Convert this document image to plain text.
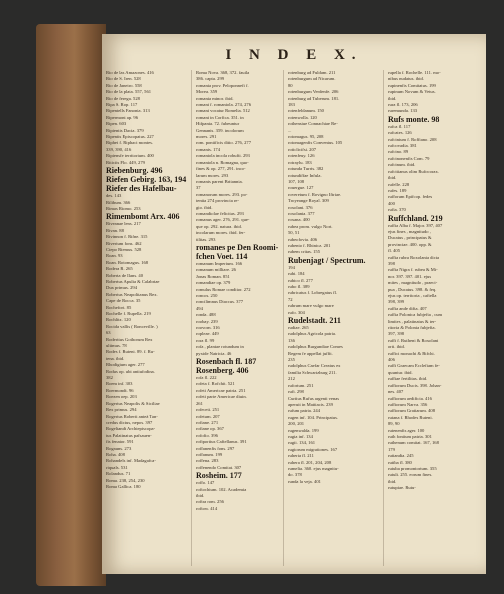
I N D E X.
Rio de las Amazones. 416
Rio de S. Iren. 528
Rio de Janeiro. 558
Rio de la plata. 557, 561
Rio de ferega. 528
Ripa S. Rop. 117
Ripentells Fanonia. 313
Ripermont ap. 96
Ripen. 603
Ripientis Dacia. 379
Ripentis Episcopatus. 227
Riphei f. Riphaci montes.
339, 390, 416
Ripiensfe territorium. 400
Riticiis Flo. 449, 279
Riebenburg. 496
Riefen Gebirg. 163, 194
Riefer des Hafelbau-
des. 143
Rilibum. 366
Rimas Riomo. 253
Rimembomt Arx. 406
Riveanae lens. 217
Rivan. 88
Rivinnon f. Rifne. 315
Riverium fons. 462
Ciepo Riemus. 528
Roan. 93
Roan. Rotomagus. 168
Rodera R. 265
Roberta de Ilans. 40
Robertus Apulia & Calabriae
Dux primus. 294
Roberius Neapolitanus Rex.
Cape de Rocca. 35
Rochefort. 85
Rochelle f. Rupella. 219
Rochlitz. 120
Rocida vallis ( Ronceville. )
63
Roderitus Gothorum Rex
ultimus. 78
Rodes f. Ruteni. 89. f. Ru-
tena. ibid.
Rhodigium ager. 277
Rodus op. ubi antiufodina.
382
Roem inf. 303
Roermondt. 96
Roezen oep. 203
Rogerius Neapolis & Siciliae
Rex primus. 294
Rogerius Roberti anteà Tan-
credus dictus, nepos. 397
Rogeltandt Archiepiscopa-
tus Palatinatus pafsauen-
fis fenator. 591
Rogauns. 273
Roha. 408
Rohandels inf. Madagafca-
riquals. 531
Rolandus. 71
Roma. 238, 254, 230
Roma Gallica. 180
Roma Nova. 368, 372. fauila
386. capta. 299
romania prov. Peloponnefi f.
Morea. 359
romania minor. ibid.
romani f. romaniola. 274, 276
romani vocatur Romelia. 512
romani in Corfica. 351. in
Hifpania. 72. fubeuntur
Gennanis. 359. incolorum
mores. 291
rom. pontificis ditio. 276, 277
romanis. 174
romaniola incola robufti. 293
romaniola n. Romagna, quo-
fines & op. 277, 291. inco-
larum mores. 293
romanis parent Britannia.
37
romanorum mores. 293. po-
tentia 274 provincia re-
gio. ibid.
romandiolae felicitas. 293
romanus ager. 276, 291. que-
que op. 292. natura. ibid.
incolarum mores. ibid. fer-
tilitas. 293
romanes pe Den Roomi-
fchen Voet. 114
romanum Imperium. 166
romanum milliare. 26
Jonas Roman. 851
romandiae op. 379
romulus Romae conditor. 272
roncos. 250
roncilimnus Diaccus. 377
494
ronda. 488
roobay. 239
roovorn. 316
ropleae. 449
rora fl. 99
rofa , plantae rotundum in
pyxide Natricia. 46
Rosenbach fl. 187
Rosenberg. 406
rofa fl. 222
rofeta f. Rofchit. 521
rofeti Americae patria. 251
rofeti parte Americae diuin.
261
rofeceti. 251
rofetum. 207
rofiane. 271
rofiane op. 367
rofofio. 396
rofiportius Caftellanus. 391
roffanenfis fons. 297
roffanum. 199
roffena. 283
roffenendo Comitat. 307
Rosheim. 177
roffo. 147
roftochium. 102. Academia
ibid.
roftra rom. 256
roftow. 414
rotenburg ad Fuldam. 211
rotenburgum ad Nicarum.
80
rotenburgum Verdenfe. 206
rotenburg ad Tuberum. 181.
183
rotenfeldanum. 150
rotenwolla. 120
rothensiue Connachiae Re-
...
rotomagus. 95, 208
rotomagenfis Conventus. 105
roticlicifsi. 207
rotenfeuy. 126
rotraylu. 183
rotunda Turris. 382
rotundiffae Infula.
107, 108
rouergue. 127
roveretum f. Rovigno Iftriae.
Troyeange Royal. 309
roxolani. 376
roxolania. 377
roxana. 400
rubea prom. vulgo Nort.
50, 51
rubeofovia. 406
rubento f. Rhinicz. 201
rubem critas. 155
Rubenjagt / Spectrum.
194
rubi. 184
rubico fl. 277
rubo fl. 389
rubricatus f. Lobregatus fl.
72
rubrum mare vulgo mare
rufo. 304
Rudelstadt. 211
rudiae. 265
rudolphus Agricola patria.
136
rudolphus Burgundiae Comes
Regem fe appellat juffit.
235
rudolphus Caefar Creatus ex
familia Schwartzburg 211.
212
rufortum. 251
rufi. 298
Curtius Rufus argenti venas
aperuit in Mattiacis. 239
rufum patria. 244
rugen inf. 104. Principatus.
200, 201
rugenwalda. 199
rugia inf. 134
rugii. 134, 161
rugiorum migrationes. 167
ruheria fl. 211
ruhera fl. 201, 204, 208
rumelia. 360. ejus magnitu-
do. 378
runda la veja. 401
rupella f. Rochelle. 111. mo-
nibus nudatus. ibid.
rupinenfis Comitatus. 199
rupinum Novum & Vetus.
ibid.
rura fl. 173, 206
ruremunda. 133
Rufs monte. 98
rufca fl. 117
rufcates. 126
rufcinium f. Roffiano. 208
rufcovadia. 381
rufcino. 89
rufcinonenfis Com. 79
rufcinum. ibid.
rufcitianus olim Rufocorax.
ibid.
rufelle. 228
rufes. 189
rufforum Epifcop. fedes
400
rufia. 370
Ruffchland. 219
ruffia Alba f. Major. 397, 407
ejus fines , magnitudo ,
Ducatus , principatus &
provinciae. 400. opp. &
fl. 405
ruffia rubra Roxolania dicta
398
ruffia Nigra f. rubea & Mi-
nor. 397. 397. 401. ejus
mites , magnitudo , praeci-
pua , Ducatus. 398. & feq.
ejus op. territoria , caftella
398, 399
ruffia ande difta. 407
ruffia Polonica fubjefta , cum
limites , palatinatus & ter-
ritoria & Polonia fubjefta.
397, 398
ruffi f. Rutheni & Roxolani
orti. ibid.
ruffici monachi & Bifchi.
406
ruffi Graecam Ecclefiam fe-
quuntur. ibid.
ruffiae fertilitas. ibid.
ruffiorum Ducis. 398. Johan-
nes. 407
ruffiorum aedificia. 416
ruffiorum Narva. 356
ruffiorum Gratiarum. 408
rutana f. Rhodes Ruteni.
89, 90
rutenenfis ager. 100
ruth fontium patria. 301
ruthenum comitat. 167, 168
179
rutiandia. 245
rutiba fl. 380
rutuba promontorium. 355
rutuli. 255. eorum fines.
ibid.
rutupiae. Rutu-
